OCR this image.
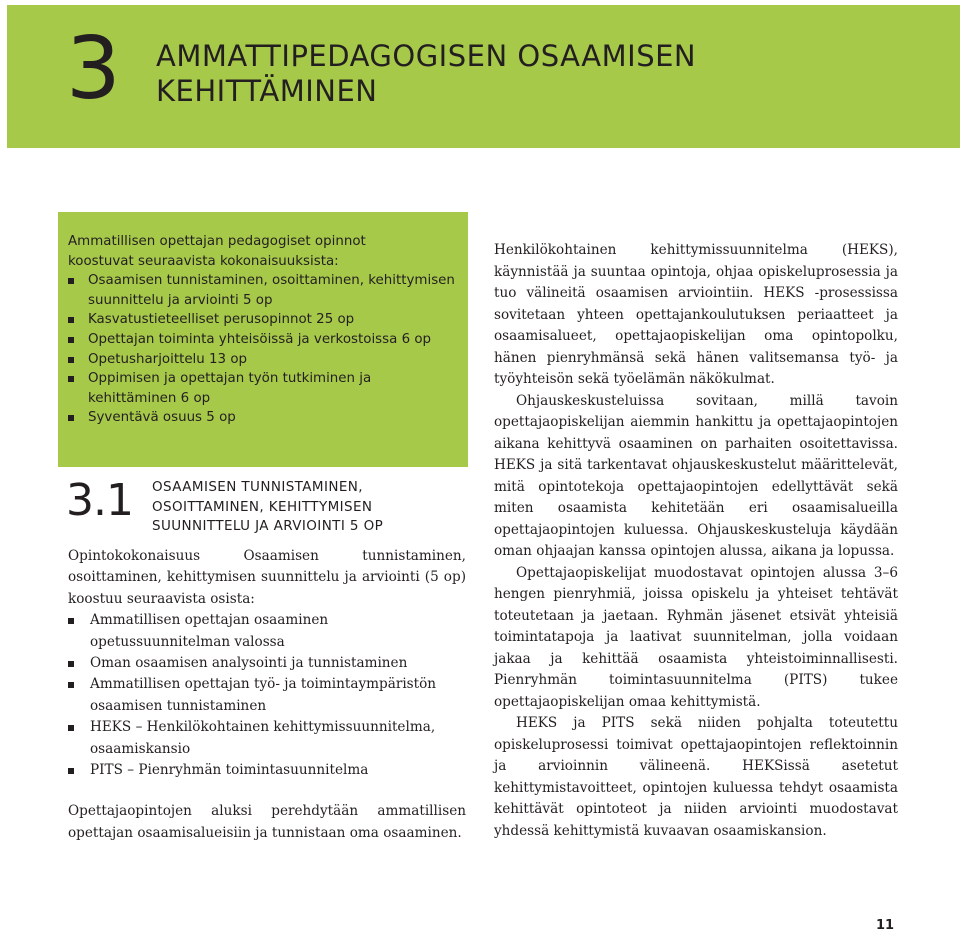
3 AMMATTIPEDAGOGISEN OSAAMISEN
KEHITTÄMINEN
Ammatillisen opettajan pedagogiset opinnot
koostuvat seuraavista kokonaisuuksista:
Osaamisen tunnistaminen, osoittaminen, kehittymisen suunnittelu ja arviointi 5 op
Kasvatustieteelliset perusopinnot 25 op
Opettajan toiminta yhteisöissä ja verkostoissa 6 op
Opetusharjoittelu 13 op
Oppimisen ja opettajan työn tutkiminen ja kehittäminen 6 op
Syventävä osuus 5 op
3.1 OSAAMISEN TUNNISTAMINEN,
OSOITTAMINEN, KEHITTYMISEN
SUUNNITTELU JA ARVIOINTI 5 OP

Opintokokonaisuus Osaamisen tunnistaminen, osoittaminen, kehittymisen suunnittelu ja arviointi (5 op) koostuu seuraavista osista:

Ammatillisen opettajan osaaminen opetussuunnitelman valossa
Oman osaamisen analysointi ja tunnistaminen
Ammatillisen opettajan työ- ja toimintaympäristön osaamisen tunnistaminen
HEKS – Henkilökohtainen kehittymissuunnitelma, osaamiskansio
PITS – Pienryhmän toimintasuunnitelma

Opettajaopintojen aluksi perehdytään ammatillisen opettajan osaamisalueisiin ja tunnistaan oma osaaminen.

Henkilökohtainen kehittymissuunnitelma (HEKS), käynnistää ja suuntaa opintoja, ohjaa opiskeluprosessia ja tuo välineitä osaamisen arviointiin. HEKS -prosessissa sovitetaan yhteen opettajankoulutuksen periaatteet ja osaamisalueet, opettajaopiskelijan oma opintopolku, hänen pienryhmänsä sekä hänen valitsemansa työ- ja työyhteisön sekä työelämän näkökulmat.

Ohjauskeskusteluissa sovitaan, millä tavoin opettajaopiskelijan aiemmin hankittu ja opettajaopintojen aikana kehittyvä osaaminen on parhaiten osoitettavissa. HEKS ja sitä tarkentavat ohjauskeskustelut määrittelevät, mitä opintotekoja opettajaopintojen edellyttävät sekä miten osaamista kehitetään eri osaamisalueilla opettajaopintojen kuluessa. Ohjauskeskusteluja käydään oman ohjaajan kanssa opintojen alussa, aikana ja lopussa.

Opettajaopiskelijat muodostavat opintojen alussa 3–6 hengen pienryhmiä, joissa opiskelu ja yhteiset tehtävät toteutetaan ja jaetaan. Ryhmän jäsenet etsivät yhteisiä toimintatapoja ja laativat suunnitelman, jolla voidaan jakaa ja kehittää osaamista yhteistoiminnallisesti. Pienryhmän toimintasuunnitelma (PITS) tukee opettajaopiskelijan omaa kehittymistä.

HEKS ja PITS sekä niiden pohjalta toteutettu opiskeluprosessi toimivat opettajaopintojen reflektoinnin ja arvioinnin välineenä. HEKSissä asetetut kehittymistavoitteet, opintojen kuluessa tehdyt osaamista kehittävät opintoteot ja niiden arviointi muodostavat yhdessä kehittymistä kuvaavan osaamiskansion.

11
